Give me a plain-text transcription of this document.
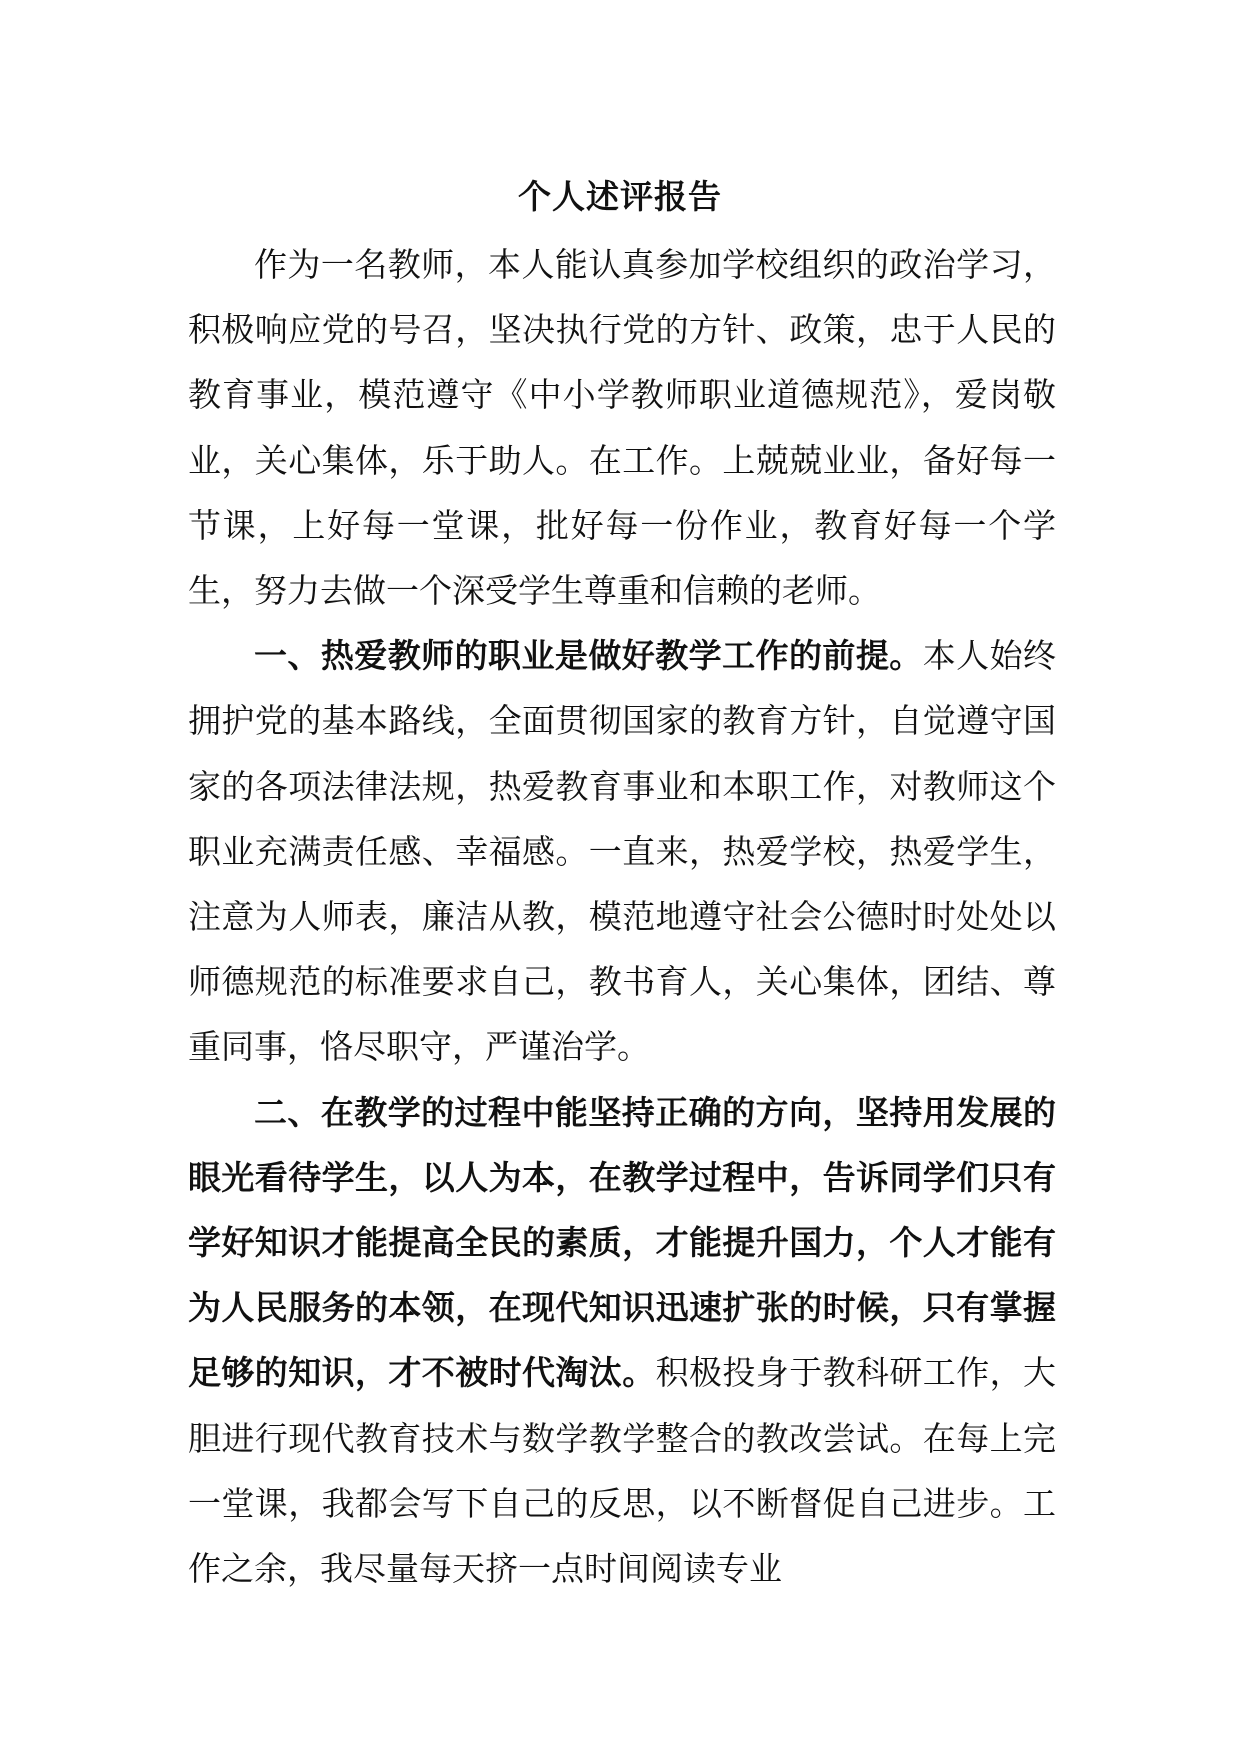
个人述评报告

作为一名教师，本人能认真参加学校组织的政治学习，积极响应党的号召，坚决执行党的方针、政策，忠于人民的教育事业，模范遵守《中小学教师职业道德规范》，爱岗敬业，关心集体，乐于助人。在工作。上兢兢业业，备好每一节课，上好每一堂课，批好每一份作业，教育好每一个学生，努力去做一个深受学生尊重和信赖的老师。

一、热爱教师的职业是做好教学工作的前提。本人始终拥护党的基本路线，全面贯彻国家的教育方针，自觉遵守国家的各项法律法规，热爱教育事业和本职工作，对教师这个职业充满责任感、幸福感。一直来，热爱学校，热爱学生，注意为人师表，廉洁从教，模范地遵守社会公德时时处处以师德规范的标准要求自己，教书育人，关心集体，团结、尊重同事，恪尽职守，严谨治学。

二、在教学的过程中能坚持正确的方向，坚持用发展的眼光看待学生，以人为本，在教学过程中，告诉同学们只有学好知识才能提高全民的素质，才能提升国力，个人才能有为人民服务的本领，在现代知识迅速扩张的时候，只有掌握足够的知识，才不被时代淘汰。积极投身于教科研工作，大胆进行现代教育技术与数学教学整合的教改尝试。在每上完一堂课，我都会写下自己的反思，以不断督促自己进步。工作之余，我尽量每天挤一点时间阅读专业
